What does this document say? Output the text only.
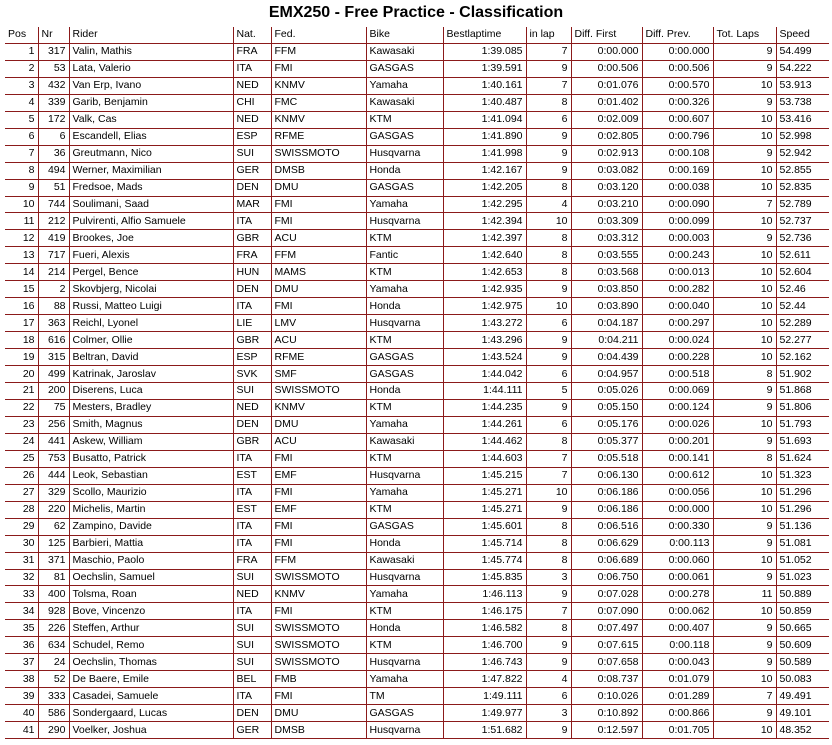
EMX250 - Free Practice - Classification
Pos	Nr	Rider	Nat.	Fed.	Bike	Bestlaptime	in lap	Diff. First	Diff. Prev.	Tot. Laps	Speed
1	317	Valin, Mathis	FRA	FFM	Kawasaki	1:39.085	7	0:00.000	0:00.000	9	54.499
2	53	Lata, Valerio	ITA	FMI	GASGAS	1:39.591	9	0:00.506	0:00.506	9	54.222
3	432	Van Erp, Ivano	NED	KNMV	Yamaha	1:40.161	7	0:01.076	0:00.570	10	53.913
4	339	Garib, Benjamin	CHI	FMC	Kawasaki	1:40.487	8	0:01.402	0:00.326	9	53.738
5	172	Valk, Cas	NED	KNMV	KTM	1:41.094	6	0:02.009	0:00.607	10	53.416
6	6	Escandell, Elias	ESP	RFME	GASGAS	1:41.890	9	0:02.805	0:00.796	10	52.998
7	36	Greutmann, Nico	SUI	SWISSMOTO	Husqvarna	1:41.998	9	0:02.913	0:00.108	9	52.942
8	494	Werner, Maximilian	GER	DMSB	Honda	1:42.167	9	0:03.082	0:00.169	10	52.855
9	51	Fredsoe, Mads	DEN	DMU	GASGAS	1:42.205	8	0:03.120	0:00.038	10	52.835
10	744	Soulimani, Saad	MAR	FMI	Yamaha	1:42.295	4	0:03.210	0:00.090	7	52.789
11	212	Pulvirenti, Alfio Samuele	ITA	FMI	Husqvarna	1:42.394	10	0:03.309	0:00.099	10	52.737
12	419	Brookes, Joe	GBR	ACU	KTM	1:42.397	8	0:03.312	0:00.003	9	52.736
13	717	Fueri, Alexis	FRA	FFM	Fantic	1:42.640	8	0:03.555	0:00.243	10	52.611
14	214	Pergel, Bence	HUN	MAMS	KTM	1:42.653	8	0:03.568	0:00.013	10	52.604
15	2	Skovbjerg, Nicolai	DEN	DMU	Yamaha	1:42.935	9	0:03.850	0:00.282	10	52.46
16	88	Russi, Matteo Luigi	ITA	FMI	Honda	1:42.975	10	0:03.890	0:00.040	10	52.44
17	363	Reichl, Lyonel	LIE	LMV	Husqvarna	1:43.272	6	0:04.187	0:00.297	10	52.289
18	616	Colmer, Ollie	GBR	ACU	KTM	1:43.296	9	0:04.211	0:00.024	10	52.277
19	315	Beltran, David	ESP	RFME	GASGAS	1:43.524	9	0:04.439	0:00.228	10	52.162
20	499	Katrinak, Jaroslav	SVK	SMF	GASGAS	1:44.042	6	0:04.957	0:00.518	8	51.902
21	200	Diserens, Luca	SUI	SWISSMOTO	Honda	1:44.111	5	0:05.026	0:00.069	9	51.868
22	75	Mesters, Bradley	NED	KNMV	KTM	1:44.235	9	0:05.150	0:00.124	9	51.806
23	256	Smith, Magnus	DEN	DMU	Yamaha	1:44.261	6	0:05.176	0:00.026	10	51.793
24	441	Askew, William	GBR	ACU	Kawasaki	1:44.462	8	0:05.377	0:00.201	9	51.693
25	753	Busatto, Patrick	ITA	FMI	KTM	1:44.603	7	0:05.518	0:00.141	8	51.624
26	444	Leok, Sebastian	EST	EMF	Husqvarna	1:45.215	7	0:06.130	0:00.612	10	51.323
27	329	Scollo, Maurizio	ITA	FMI	Yamaha	1:45.271	10	0:06.186	0:00.056	10	51.296
28	220	Michelis, Martin	EST	EMF	KTM	1:45.271	9	0:06.186	0:00.000	10	51.296
29	62	Zampino, Davide	ITA	FMI	GASGAS	1:45.601	8	0:06.516	0:00.330	9	51.136
30	125	Barbieri, Mattia	ITA	FMI	Honda	1:45.714	8	0:06.629	0:00.113	9	51.081
31	371	Maschio, Paolo	FRA	FFM	Kawasaki	1:45.774	8	0:06.689	0:00.060	10	51.052
32	81	Oechslin, Samuel	SUI	SWISSMOTO	Husqvarna	1:45.835	3	0:06.750	0:00.061	9	51.023
33	400	Tolsma, Roan	NED	KNMV	Yamaha	1:46.113	9	0:07.028	0:00.278	11	50.889
34	928	Bove, Vincenzo	ITA	FMI	KTM	1:46.175	7	0:07.090	0:00.062	10	50.859
35	226	Steffen, Arthur	SUI	SWISSMOTO	Honda	1:46.582	8	0:07.497	0:00.407	9	50.665
36	634	Schudel, Remo	SUI	SWISSMOTO	KTM	1:46.700	9	0:07.615	0:00.118	9	50.609
37	24	Oechslin, Thomas	SUI	SWISSMOTO	Husqvarna	1:46.743	9	0:07.658	0:00.043	9	50.589
38	52	De Baere, Emile	BEL	FMB	Yamaha	1:47.822	4	0:08.737	0:01.079	10	50.083
39	333	Casadei, Samuele	ITA	FMI	TM	1:49.111	6	0:10.026	0:01.289	7	49.491
40	586	Sondergaard, Lucas	DEN	DMU	GASGAS	1:49.977	3	0:10.892	0:00.866	9	49.101
41	290	Voelker, Joshua	GER	DMSB	Husqvarna	1:51.682	9	0:12.597	0:01.705	10	48.352
